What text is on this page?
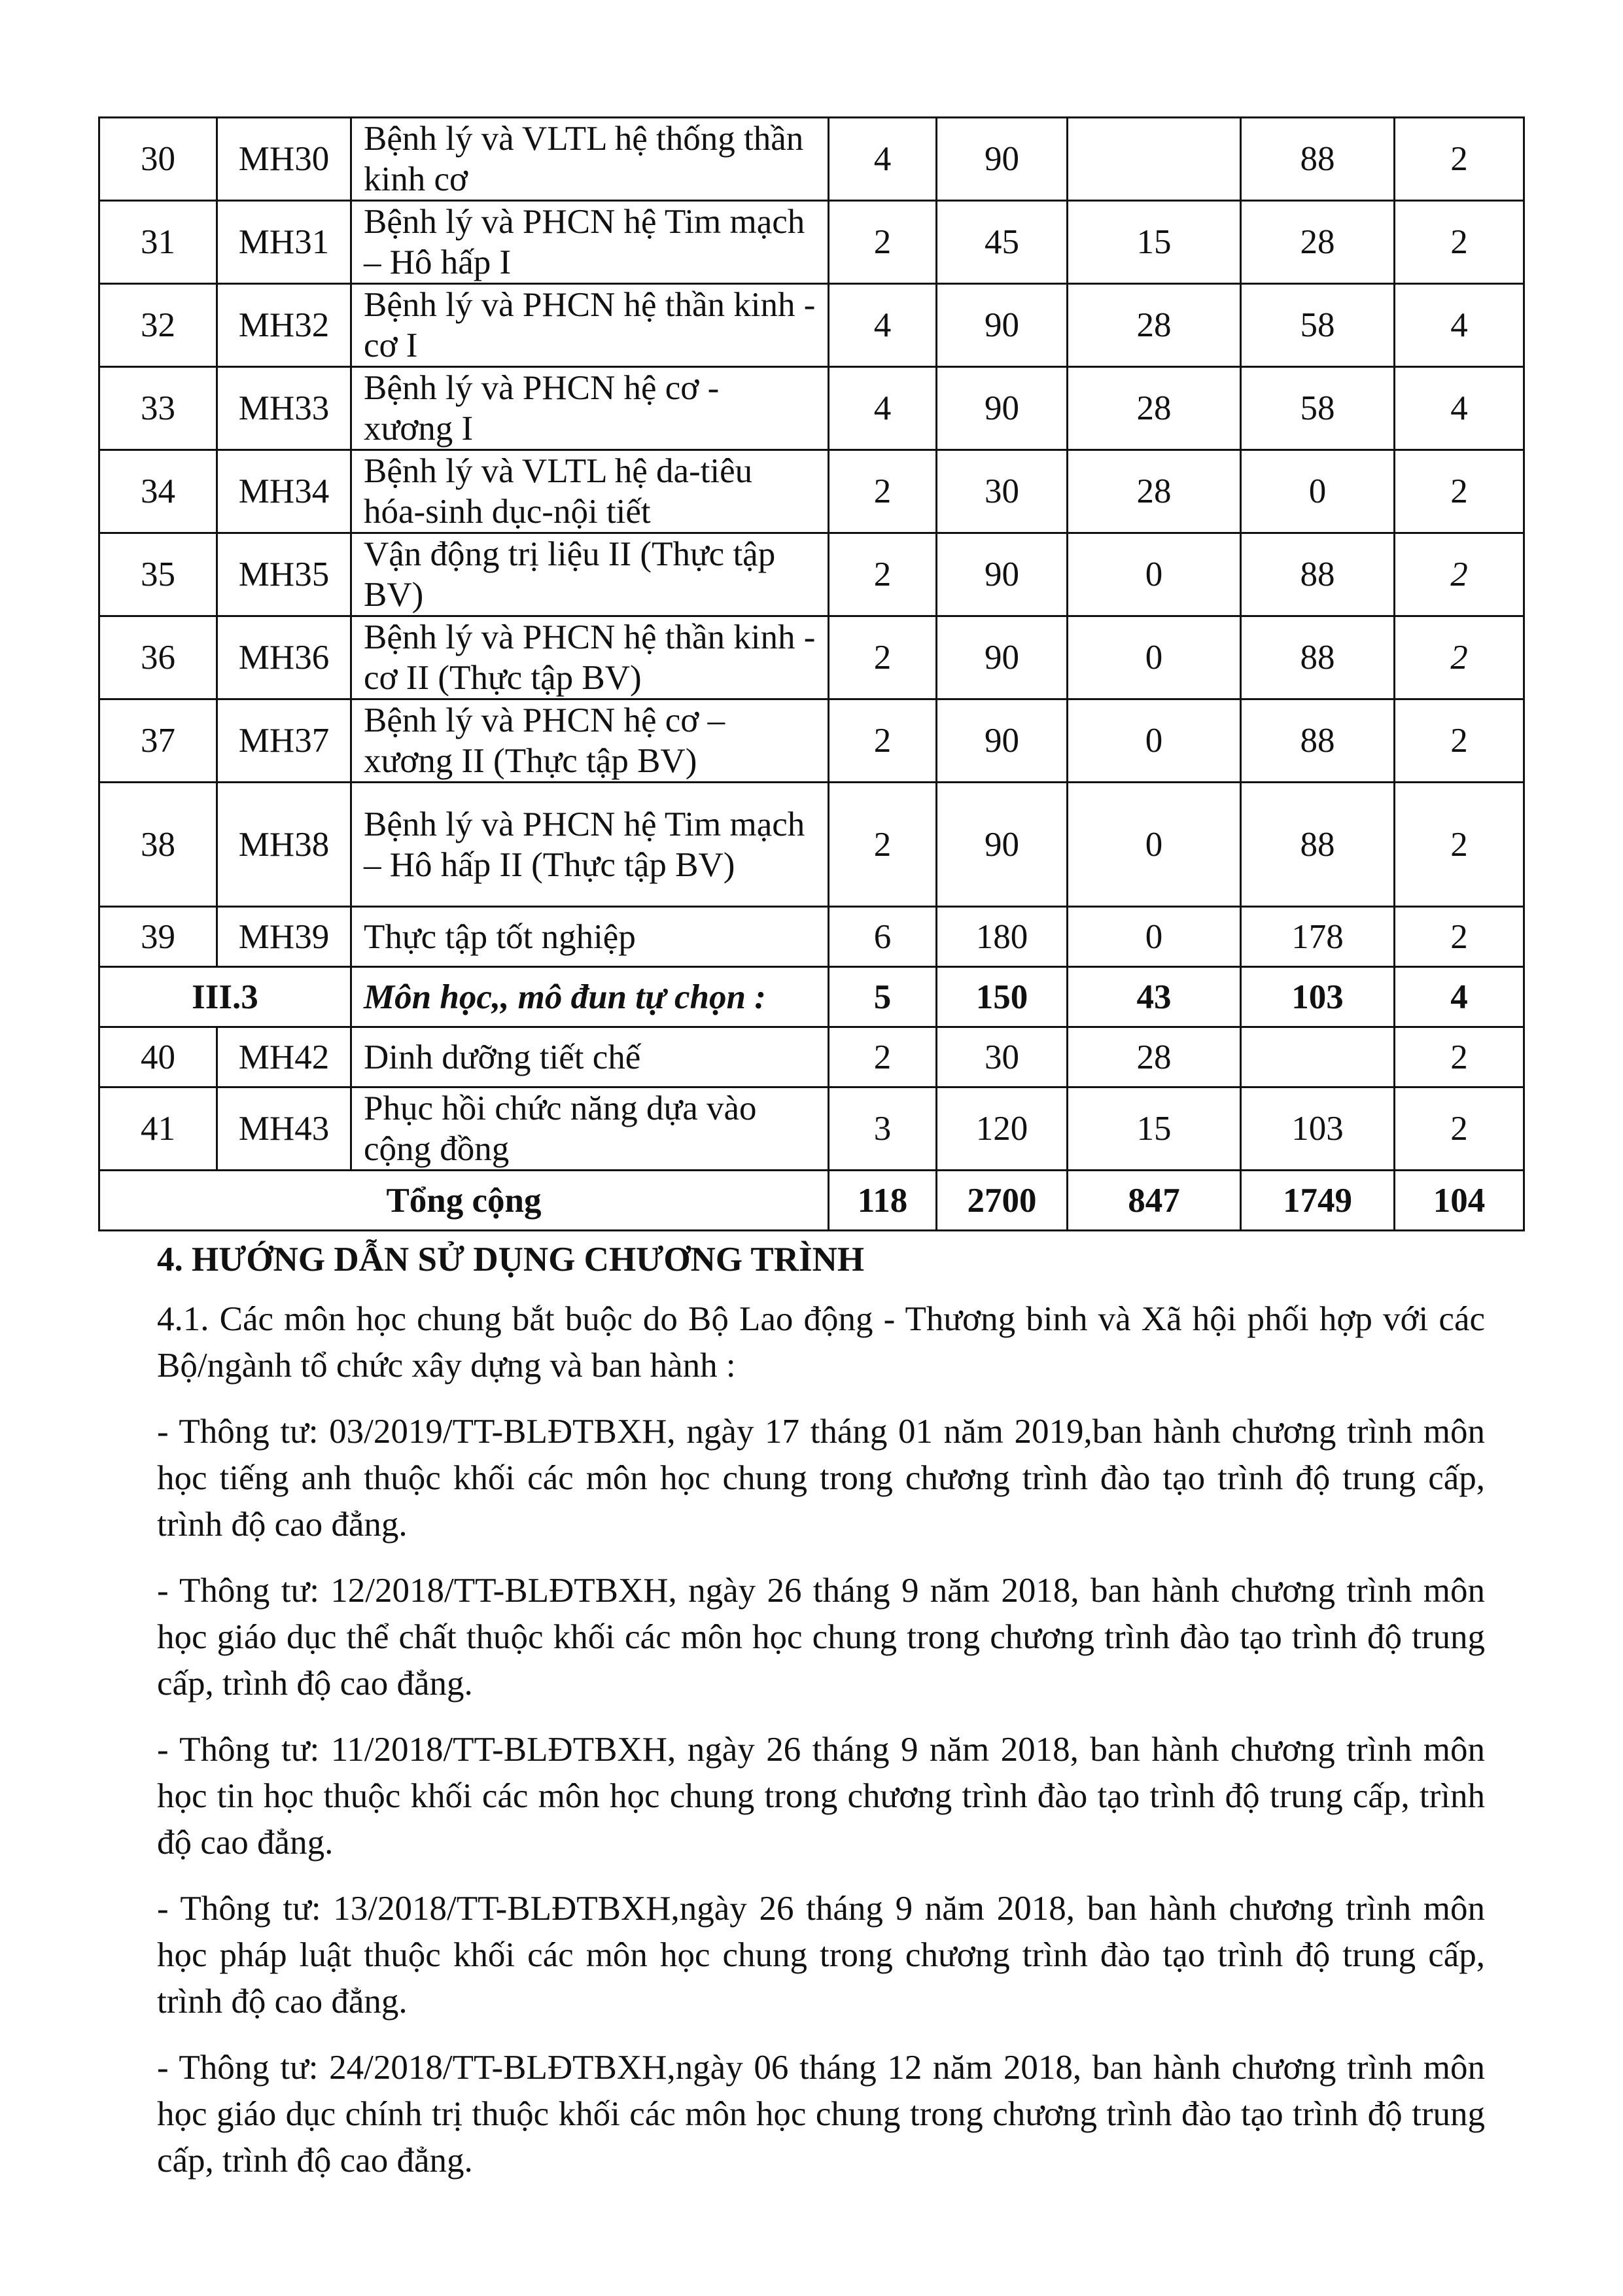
30	MH30	Bệnh lý và VLTL hệ thống thần kinh cơ	4	90		88	2
31	MH31	Bệnh lý và PHCN hệ Tim mạch – Hô hấp I	2	45	15	28	2
32	MH32	Bệnh lý và PHCN hệ thần kinh - cơ I	4	90	28	58	4
33	MH33	Bệnh lý và PHCN hệ cơ - xương I	4	90	28	58	4
34	MH34	Bệnh lý và VLTL hệ da-tiêu hóa-sinh dục-nội tiết	2	30	28	0	2
35	MH35	Vận động trị liệu II (Thực tập BV)	2	90	0	88	2
36	MH36	Bệnh lý và PHCN hệ thần kinh - cơ II (Thực tập BV)	2	90	0	88	2
37	MH37	Bệnh lý và PHCN hệ cơ – xương II (Thực tập BV)	2	90	0	88	2
38	MH38	Bệnh lý và PHCN hệ Tim mạch – Hô hấp II (Thực tập BV)	2	90	0	88	2
39	MH39	Thực tập tốt nghiệp	6	180	0	178	2
III.3		Môn học,, mô đun tự chọn :	5	150	43	103	4
40	MH42	Dinh dưỡng tiết chế	2	30	28		2
41	MH43	Phục hồi chức năng dựa vào cộng đồng	3	120	15	103	2
Tổng cộng			118	2700	847	1749	104

4. HƯỚNG DẪN SỬ DỤNG CHƯƠNG TRÌNH

4.1. Các môn học chung bắt buộc do Bộ Lao động - Thương binh và Xã hội phối hợp với các Bộ/ngành tổ chức xây dựng và ban hành :

- Thông tư: 03/2019/TT-BLĐTBXH, ngày 17 tháng 01 năm 2019,ban hành chương trình môn học tiếng anh thuộc khối các môn học chung trong chương trình đào tạo trình độ trung cấp, trình độ cao đẳng.

- Thông tư: 12/2018/TT-BLĐTBXH, ngày 26 tháng 9 năm 2018, ban hành chương trình môn học giáo dục thể chất thuộc khối các môn học chung trong chương trình đào tạo trình độ trung cấp, trình độ cao đẳng.

- Thông tư: 11/2018/TT-BLĐTBXH, ngày 26 tháng 9 năm 2018, ban hành chương trình môn học tin học thuộc khối các môn học chung trong chương trình đào tạo trình độ trung cấp, trình độ cao đẳng.

- Thông tư: 13/2018/TT-BLĐTBXH,ngày 26 tháng 9 năm 2018, ban hành chương trình môn học pháp luật thuộc khối các môn học chung trong chương trình đào tạo trình độ trung cấp, trình độ cao đẳng.

- Thông tư: 24/2018/TT-BLĐTBXH,ngày 06 tháng 12 năm 2018, ban hành chương trình môn học giáo dục chính trị thuộc khối các môn học chung trong chương trình đào tạo trình độ trung cấp, trình độ cao đẳng.
